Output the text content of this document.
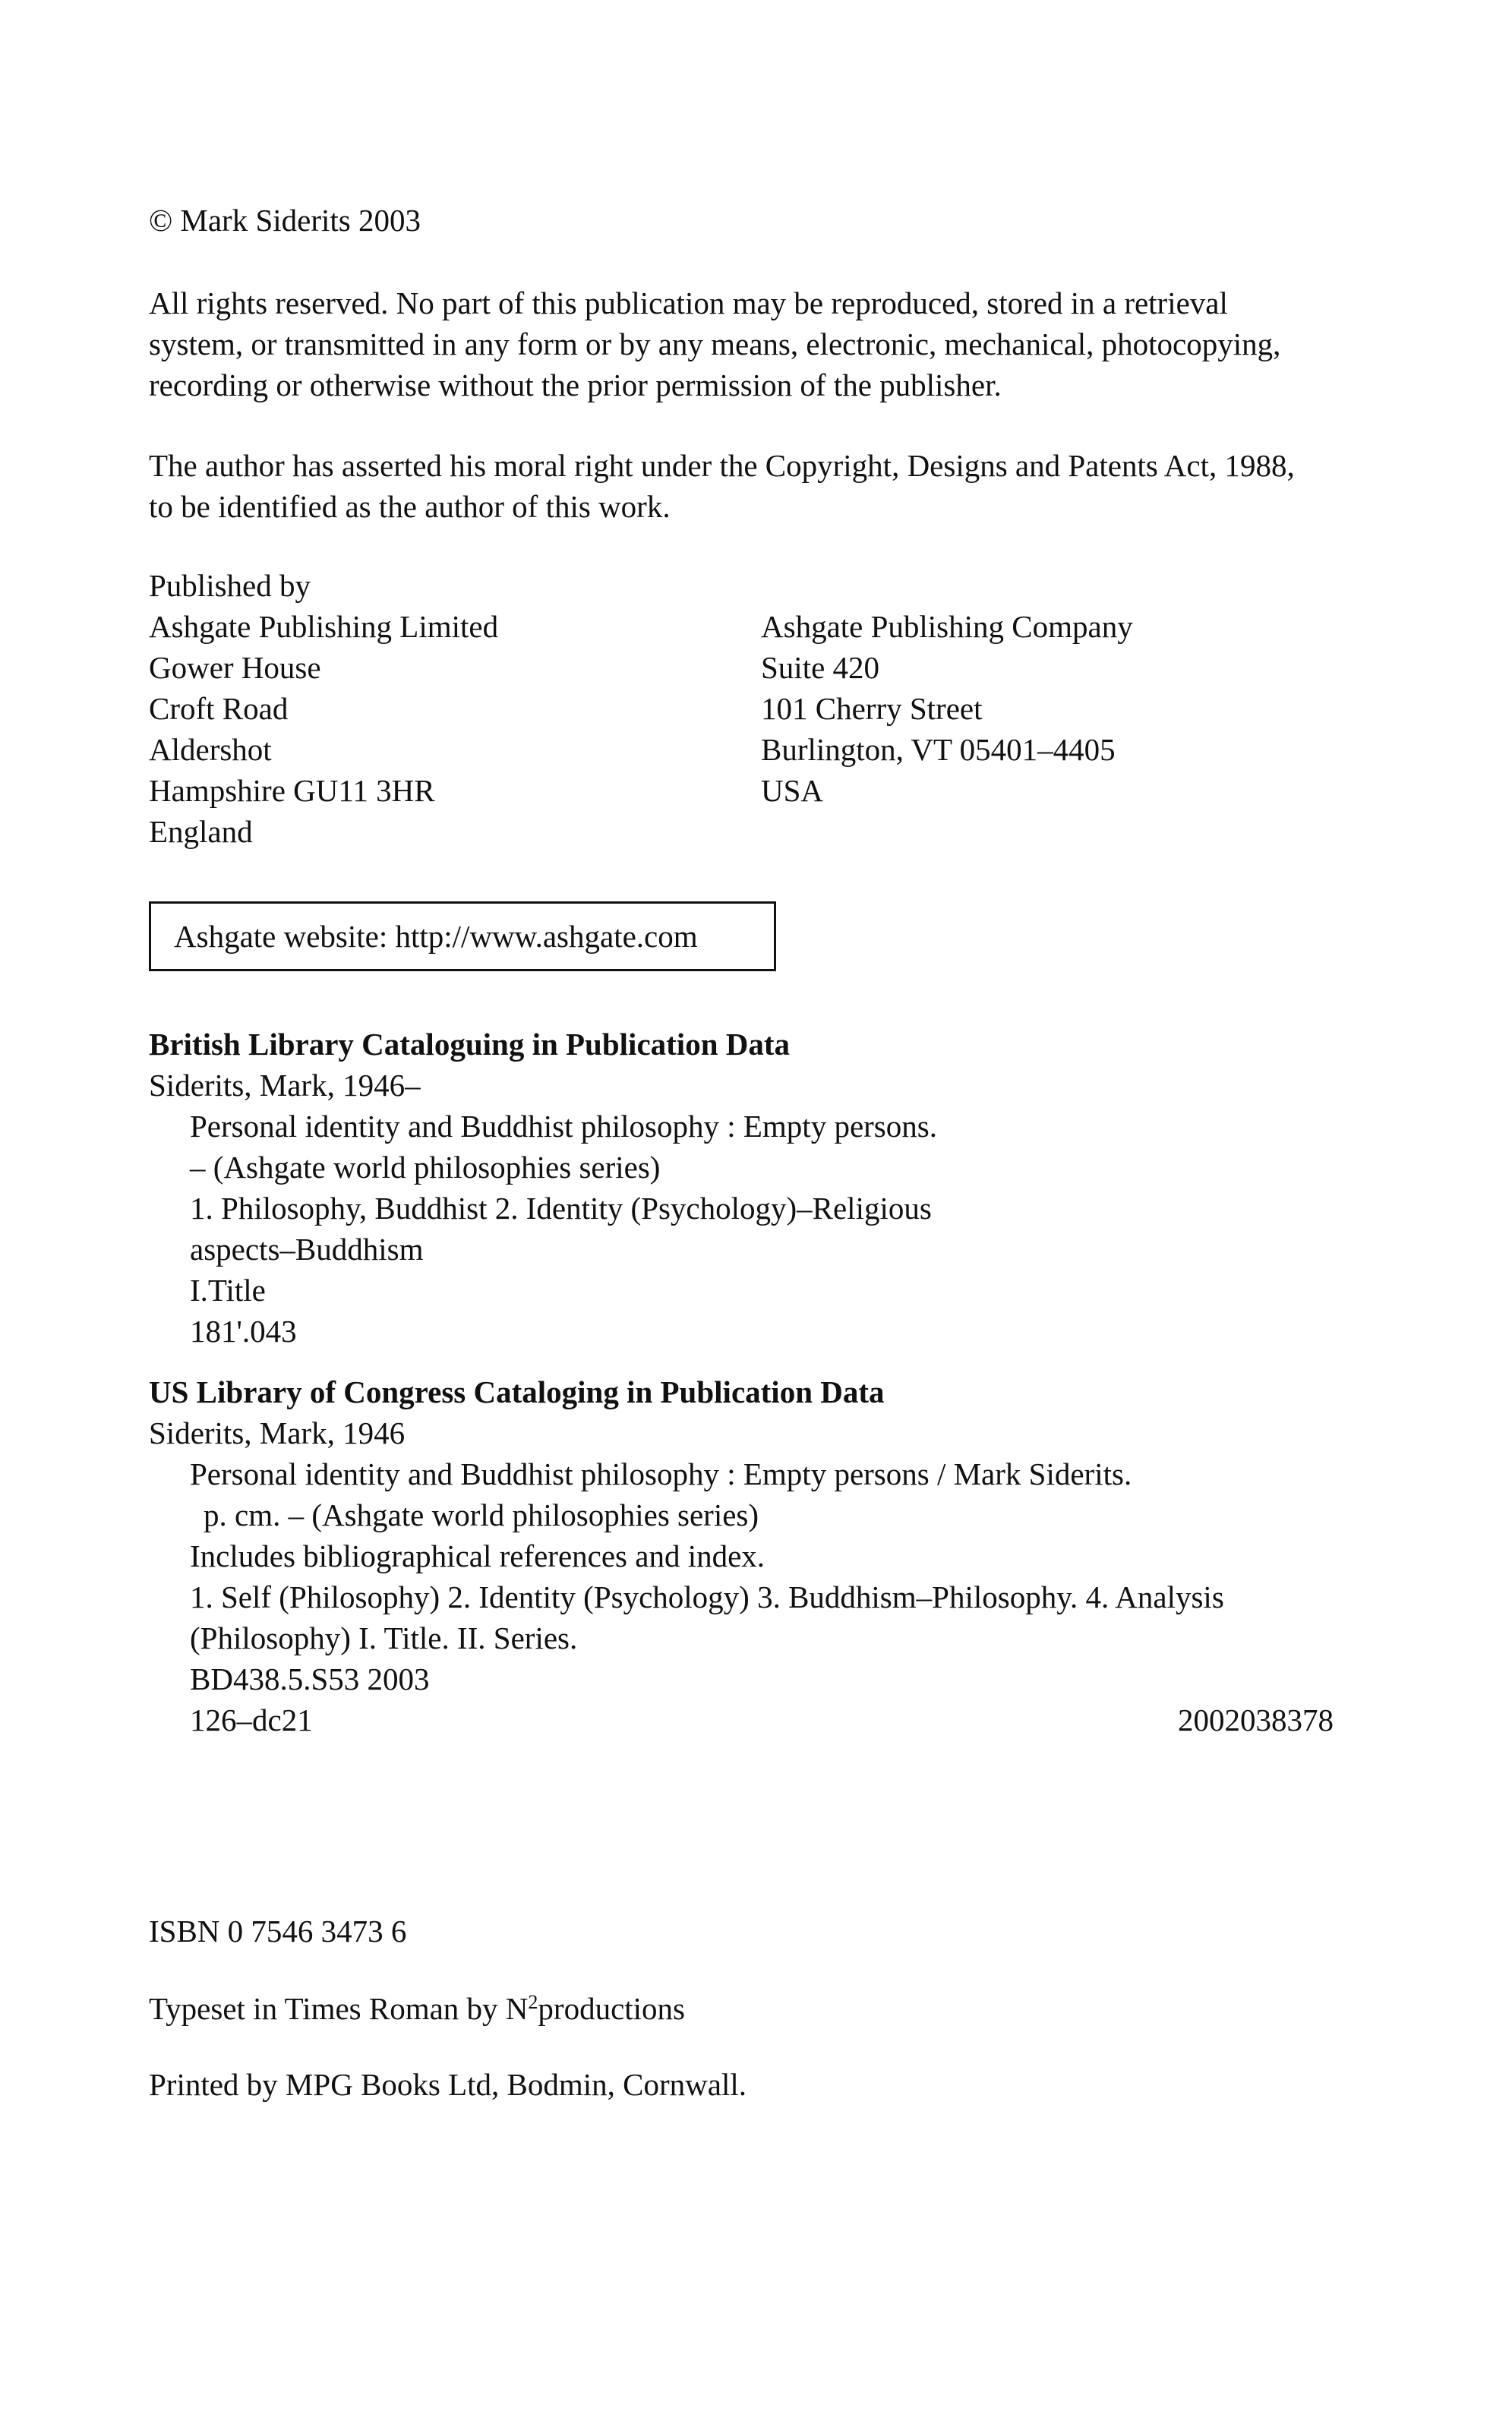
© Mark Siderits 2003
All rights reserved. No part of this publication may be reproduced, stored in a retrieval
system, or transmitted in any form or by any means, electronic, mechanical, photocopying,
recording or otherwise without the prior permission of the publisher.
The author has asserted his moral right under the Copyright, Designs and Patents Act, 1988,
to be identified as the author of this work.
Published by
Ashgate Publishing Limited
Gower House
Croft Road
Aldershot
Hampshire GU11 3HR
England
Ashgate Publishing Company
Suite 420
101 Cherry Street
Burlington, VT 05401–4405
USA
Ashgate website: http://www.ashgate.com
British Library Cataloguing in Publication Data
Siderits, Mark, 1946–
Personal identity and Buddhist philosophy : Empty persons.
– (Ashgate world philosophies series)
1. Philosophy, Buddhist 2. Identity (Psychology)–Religious
aspects–Buddhism
I.Title
181'.043
US Library of Congress Cataloging in Publication Data
Siderits, Mark, 1946
Personal identity and Buddhist philosophy : Empty persons / Mark Siderits.
p. cm. – (Ashgate world philosophies series)
Includes bibliographical references and index.
1. Self (Philosophy) 2. Identity (Psychology) 3. Buddhism–Philosophy. 4. Analysis
(Philosophy) I. Title. II. Series.
BD438.5.S53 2003
126–dc21	2002038378
ISBN 0 7546 3473 6
Typeset in Times Roman by $N^2productions$
Printed by MPG Books Ltd, Bodmin, Cornwall.
